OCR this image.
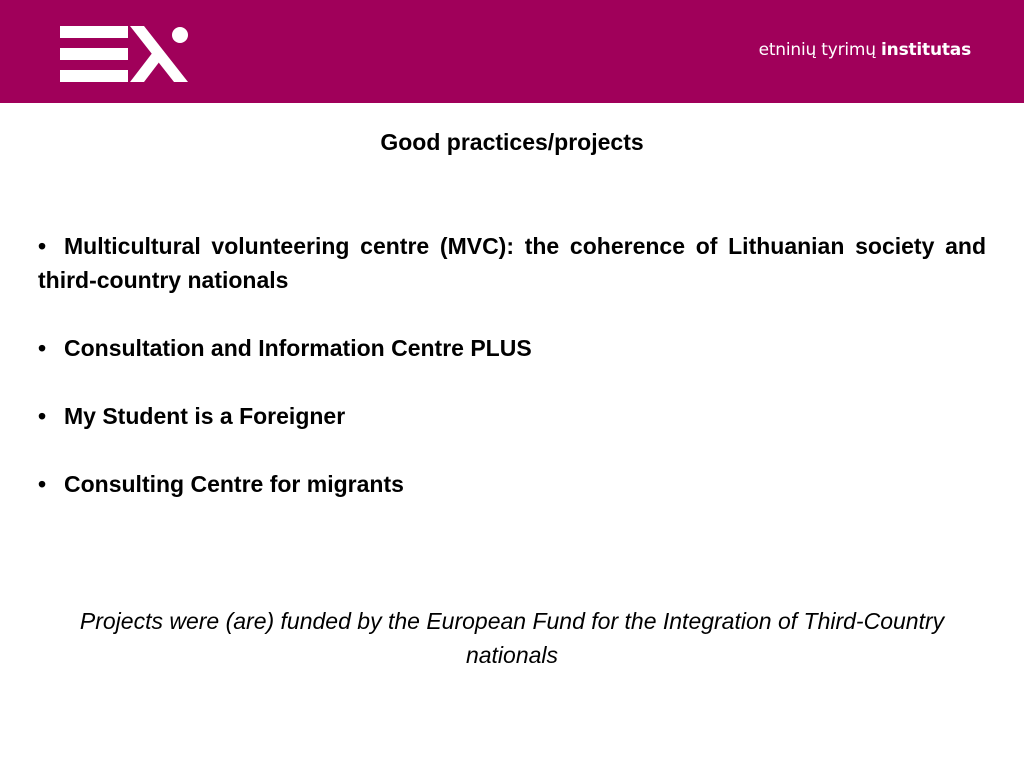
etninių tyrimų institutas
Good practices/projects
• Multicultural volunteering centre (MVC): the coherence of Lithuanian society and third-country nationals
• Consultation and Information Centre PLUS
• My Student is a Foreigner
• Consulting Centre for migrants
Projects were (are) funded by the European Fund for the Integration of Third-Country nationals
